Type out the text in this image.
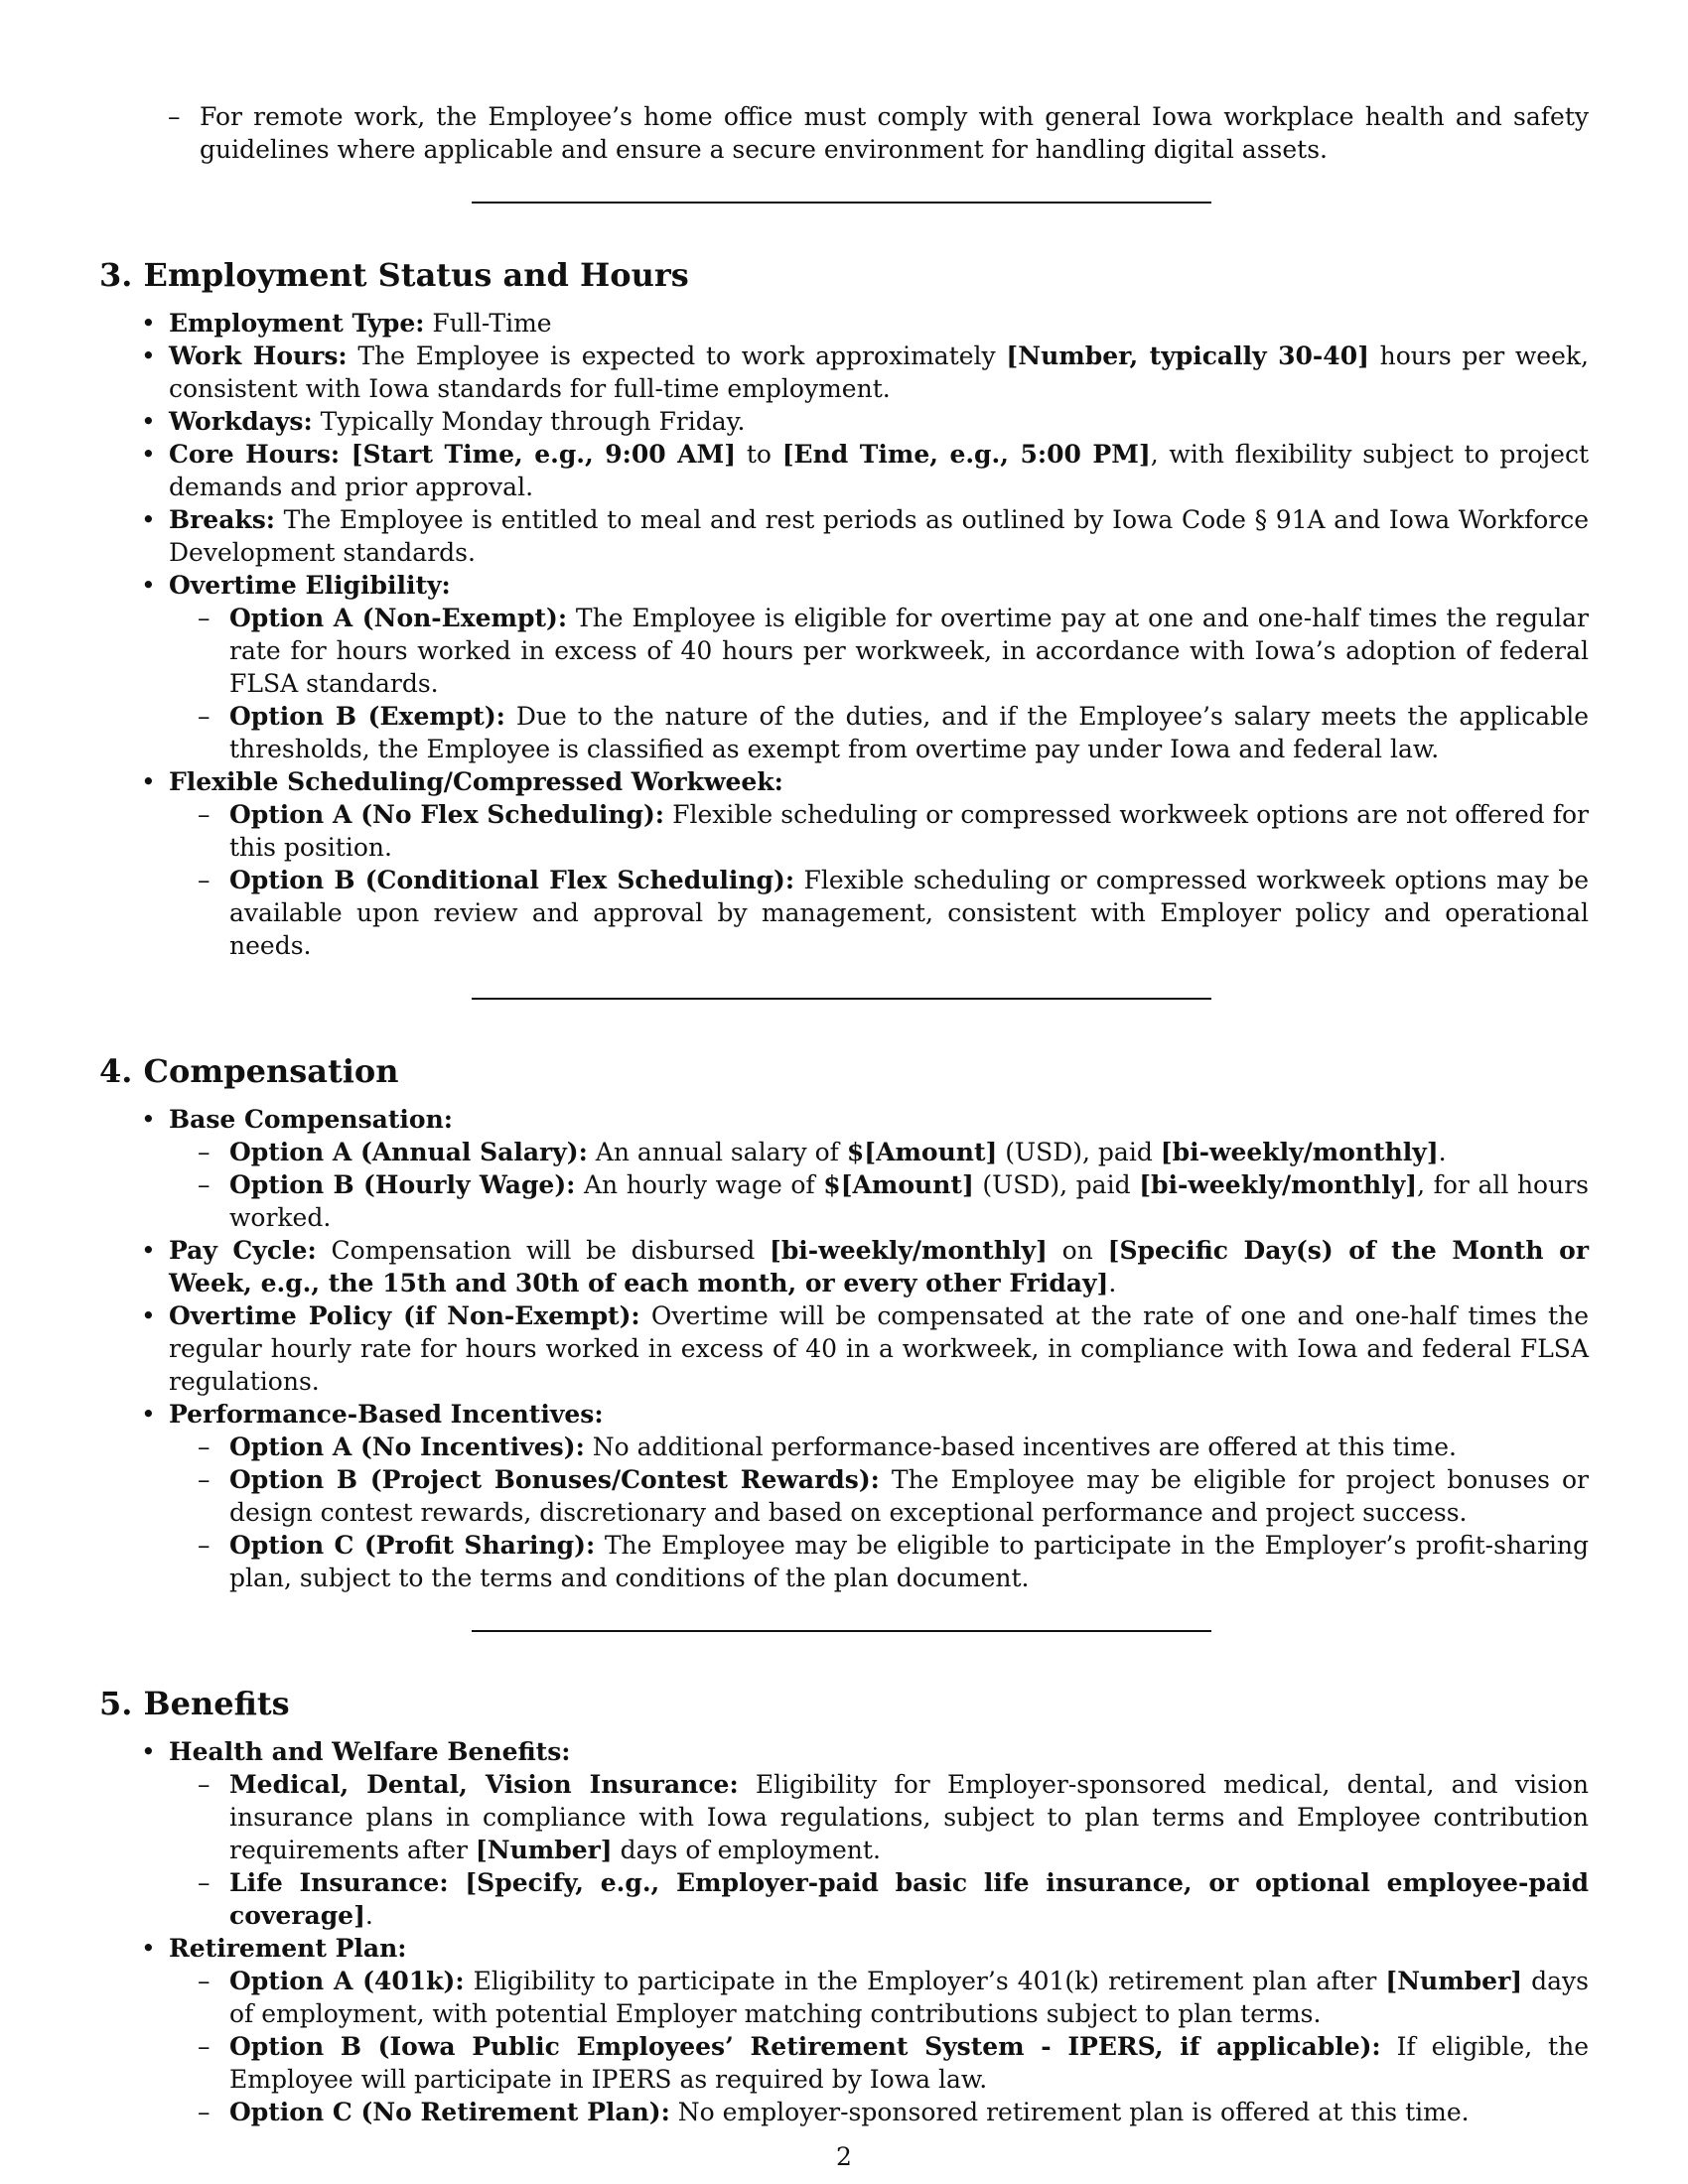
– For remote work, the Employee’s home office must comply with general Iowa workplace health and safety guidelines where applicable and ensure a secure environment for handling digital assets.
3. Employment Status and Hours
• Employment Type: Full-Time
• Work Hours: The Employee is expected to work approximately [Number, typically 30-40] hours per week, consistent with Iowa standards for full-time employment.
• Workdays: Typically Monday through Friday.
• Core Hours: [Start Time, e.g., 9:00 AM] to [End Time, e.g., 5:00 PM], with flexibility subject to project demands and prior approval.
• Breaks: The Employee is entitled to meal and rest periods as outlined by Iowa Code § 91A and Iowa Workforce Development standards.
• Overtime Eligibility:
– Option A (Non-Exempt): The Employee is eligible for overtime pay at one and one-half times the regular rate for hours worked in excess of 40 hours per workweek, in accordance with Iowa’s adoption of federal FLSA standards.
– Option B (Exempt): Due to the nature of the duties, and if the Employee’s salary meets the applicable thresholds, the Employee is classified as exempt from overtime pay under Iowa and federal law.
• Flexible Scheduling/Compressed Workweek:
– Option A (No Flex Scheduling): Flexible scheduling or compressed workweek options are not offered for this position.
– Option B (Conditional Flex Scheduling): Flexible scheduling or compressed workweek options may be available upon review and approval by management, consistent with Employer policy and operational needs.
4. Compensation
• Base Compensation:
– Option A (Annual Salary): An annual salary of $[Amount] (USD), paid [bi-weekly/monthly].
– Option B (Hourly Wage): An hourly wage of $[Amount] (USD), paid [bi-weekly/monthly], for all hours worked.
• Pay Cycle: Compensation will be disbursed [bi-weekly/monthly] on [Specific Day(s) of the Month or Week, e.g., the 15th and 30th of each month, or every other Friday].
• Overtime Policy (if Non-Exempt): Overtime will be compensated at the rate of one and one-half times the regular hourly rate for hours worked in excess of 40 in a workweek, in compliance with Iowa and federal FLSA regulations.
• Performance-Based Incentives:
– Option A (No Incentives): No additional performance-based incentives are offered at this time.
– Option B (Project Bonuses/Contest Rewards): The Employee may be eligible for project bonuses or design contest rewards, discretionary and based on exceptional performance and project success.
– Option C (Profit Sharing): The Employee may be eligible to participate in the Employer’s profit-sharing plan, subject to the terms and conditions of the plan document.
5. Benefits
• Health and Welfare Benefits:
– Medical, Dental, Vision Insurance: Eligibility for Employer-sponsored medical, dental, and vision insurance plans in compliance with Iowa regulations, subject to plan terms and Employee contribution requirements after [Number] days of employment.
– Life Insurance: [Specify, e.g., Employer-paid basic life insurance, or optional employee-paid coverage].
• Retirement Plan:
– Option A (401k): Eligibility to participate in the Employer’s 401(k) retirement plan after [Number] days of employment, with potential Employer matching contributions subject to plan terms.
– Option B (Iowa Public Employees’ Retirement System - IPERS, if applicable): If eligible, the Employee will participate in IPERS as required by Iowa law.
– Option C (No Retirement Plan): No employer-sponsored retirement plan is offered at this time.
2
